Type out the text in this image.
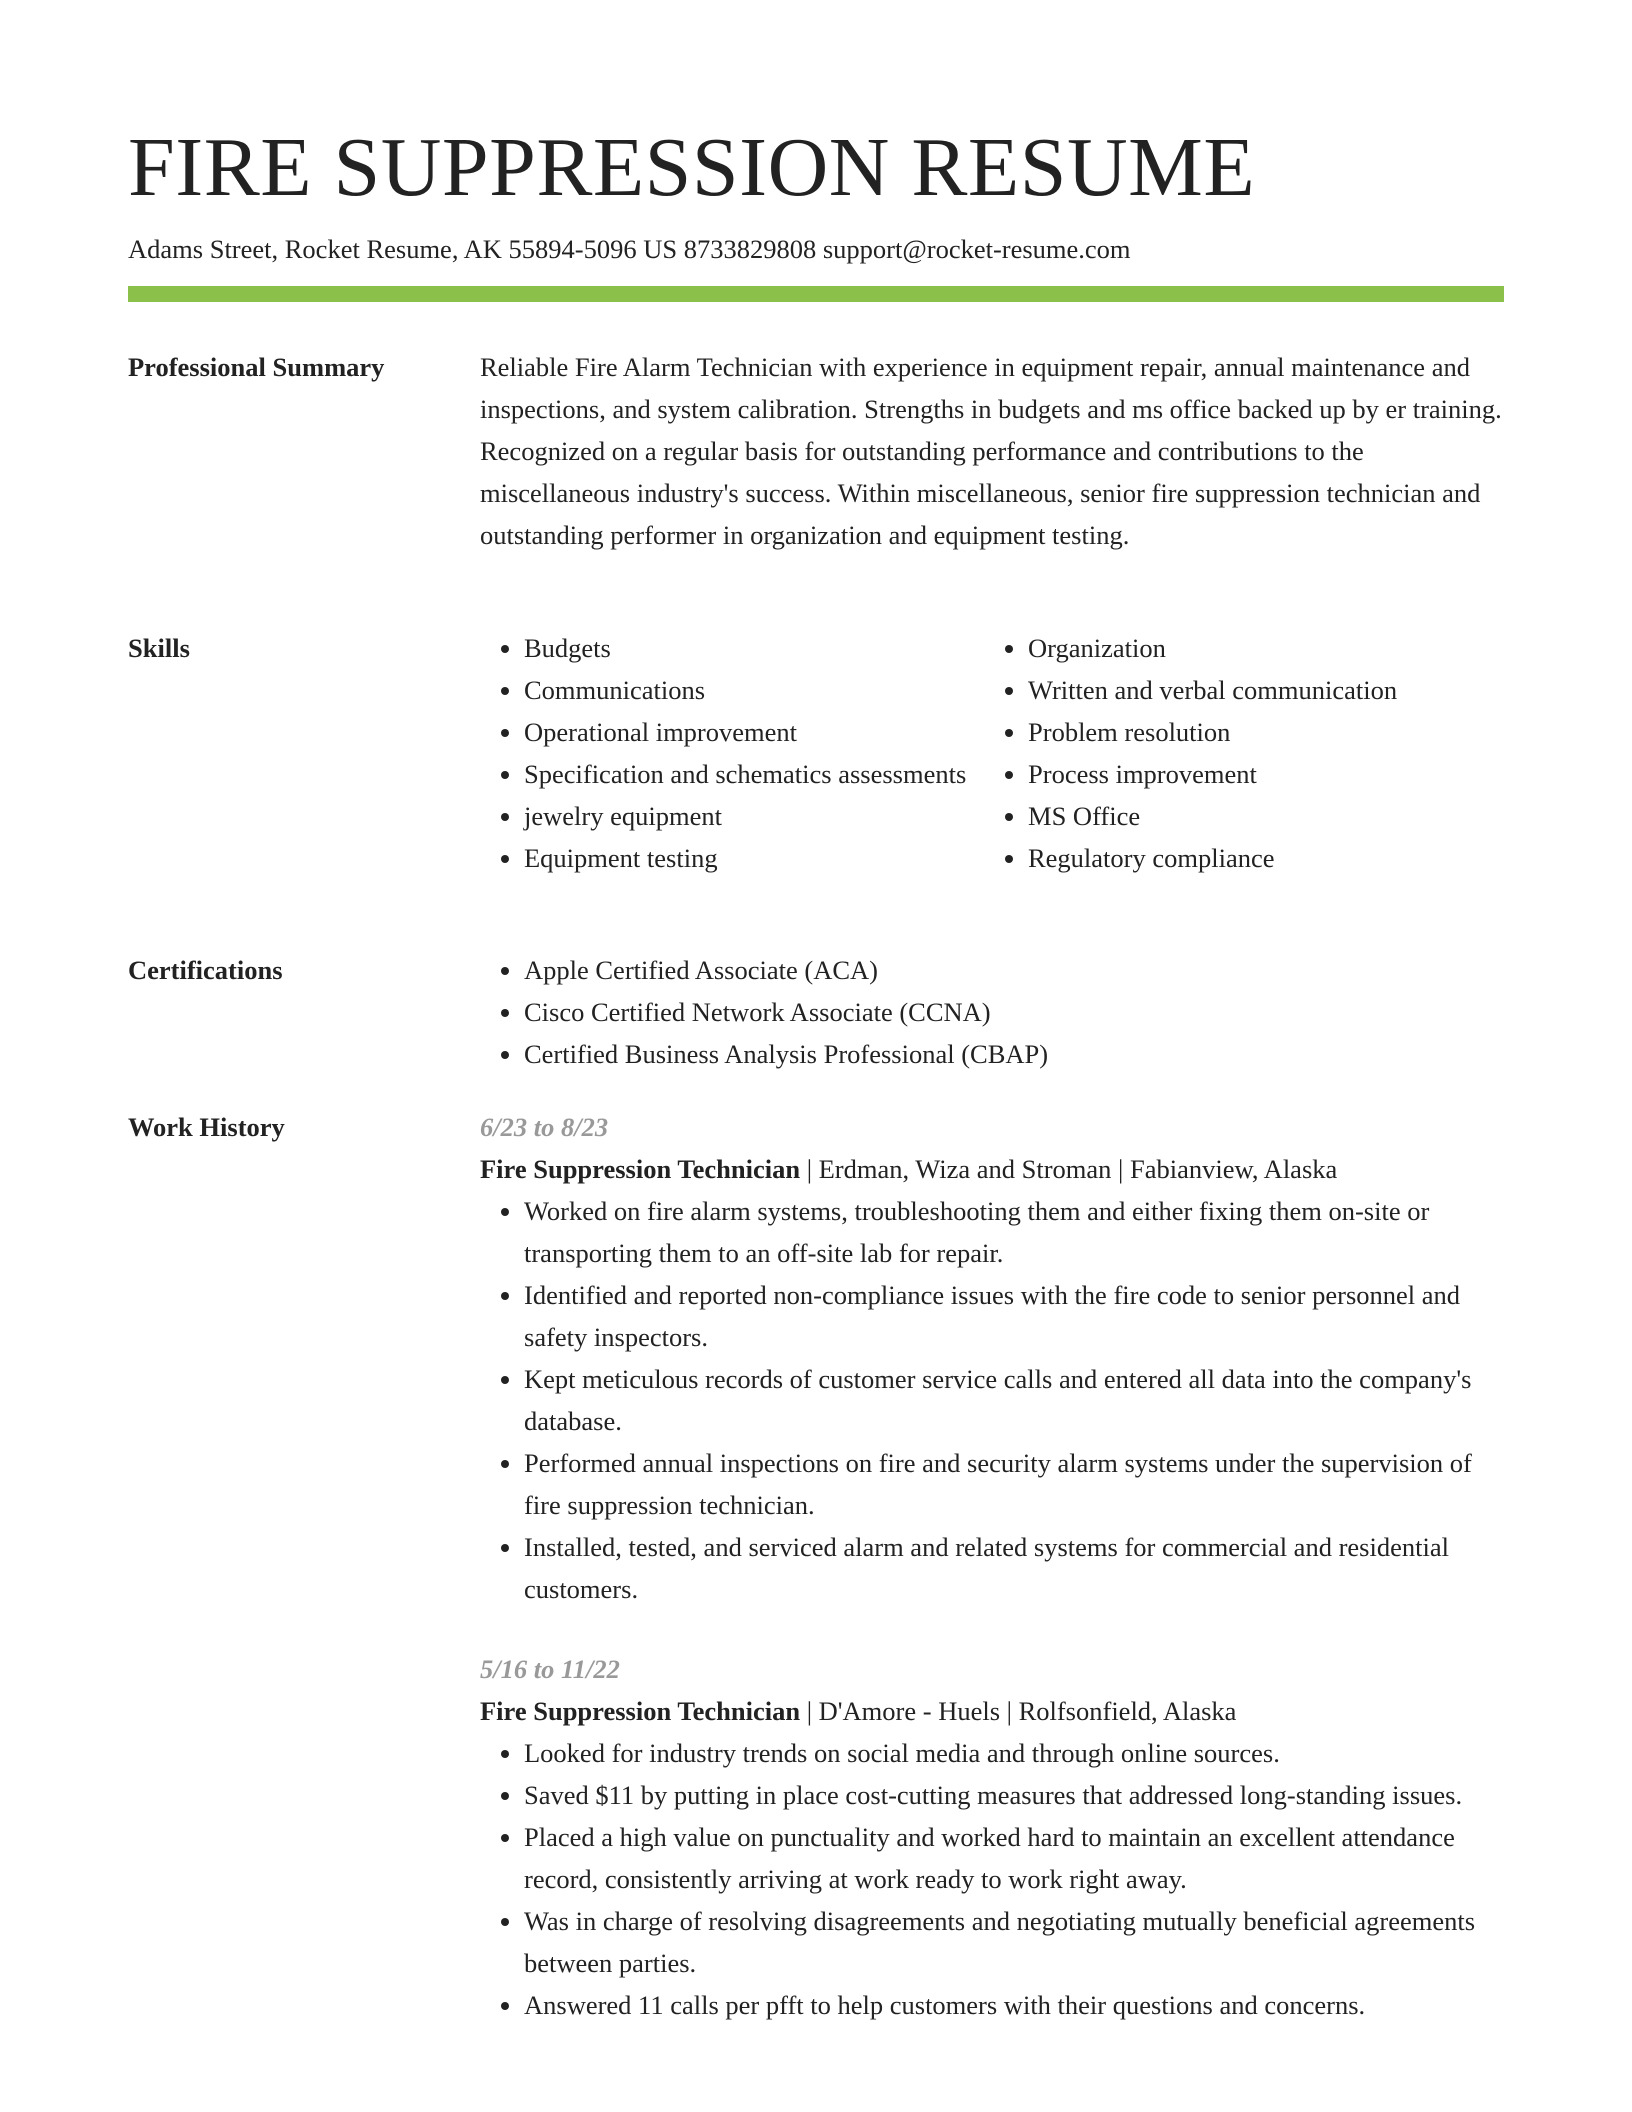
FIRE SUPPRESSION RESUME
Adams Street, Rocket Resume, AK 55894-5096 US 8733829808 support@rocket-resume.com
Professional Summary	Reliable Fire Alarm Technician with experience in equipment repair, annual maintenance and inspections, and system calibration. Strengths in budgets and ms office backed up by er training. Recognized on a regular basis for outstanding performance and contributions to the miscellaneous industry's success. Within miscellaneous, senior fire suppression technician and outstanding performer in organization and equipment testing.

Skills	• Budgets
• Communications
• Operational improvement
• Specification and schematics assessments
• jewelry equipment
• Equipment testing
• Organization
• Written and verbal communication
• Problem resolution
• Process improvement
• MS Office
• Regulatory compliance
Certifications	• Apple Certified Associate (ACA)
• Cisco Certified Network Associate (CCNA)
• Certified Business Analysis Professional (CBAP)
Work History	6/23 to 8/23
Fire Suppression Technician | Erdman, Wiza and Stroman | Fabianview, Alaska
• Worked on fire alarm systems, troubleshooting them and either fixing them on-site or transporting them to an off-site lab for repair.
• Identified and reported non-compliance issues with the fire code to senior personnel and safety inspectors.
• Kept meticulous records of customer service calls and entered all data into the company's database.
• Performed annual inspections on fire and security alarm systems under the supervision of fire suppression technician.
• Installed, tested, and serviced alarm and related systems for commercial and residential customers.
5/16 to 11/22
Fire Suppression Technician | D'Amore - Huels | Rolfsonfield, Alaska
• Looked for industry trends on social media and through online sources.
• Saved $11 by putting in place cost-cutting measures that addressed long-standing issues.
• Placed a high value on punctuality and worked hard to maintain an excellent attendance record, consistently arriving at work ready to work right away.
• Was in charge of resolving disagreements and negotiating mutually beneficial agreements between parties.
• Answered 11 calls per pfft to help customers with their questions and concerns.
